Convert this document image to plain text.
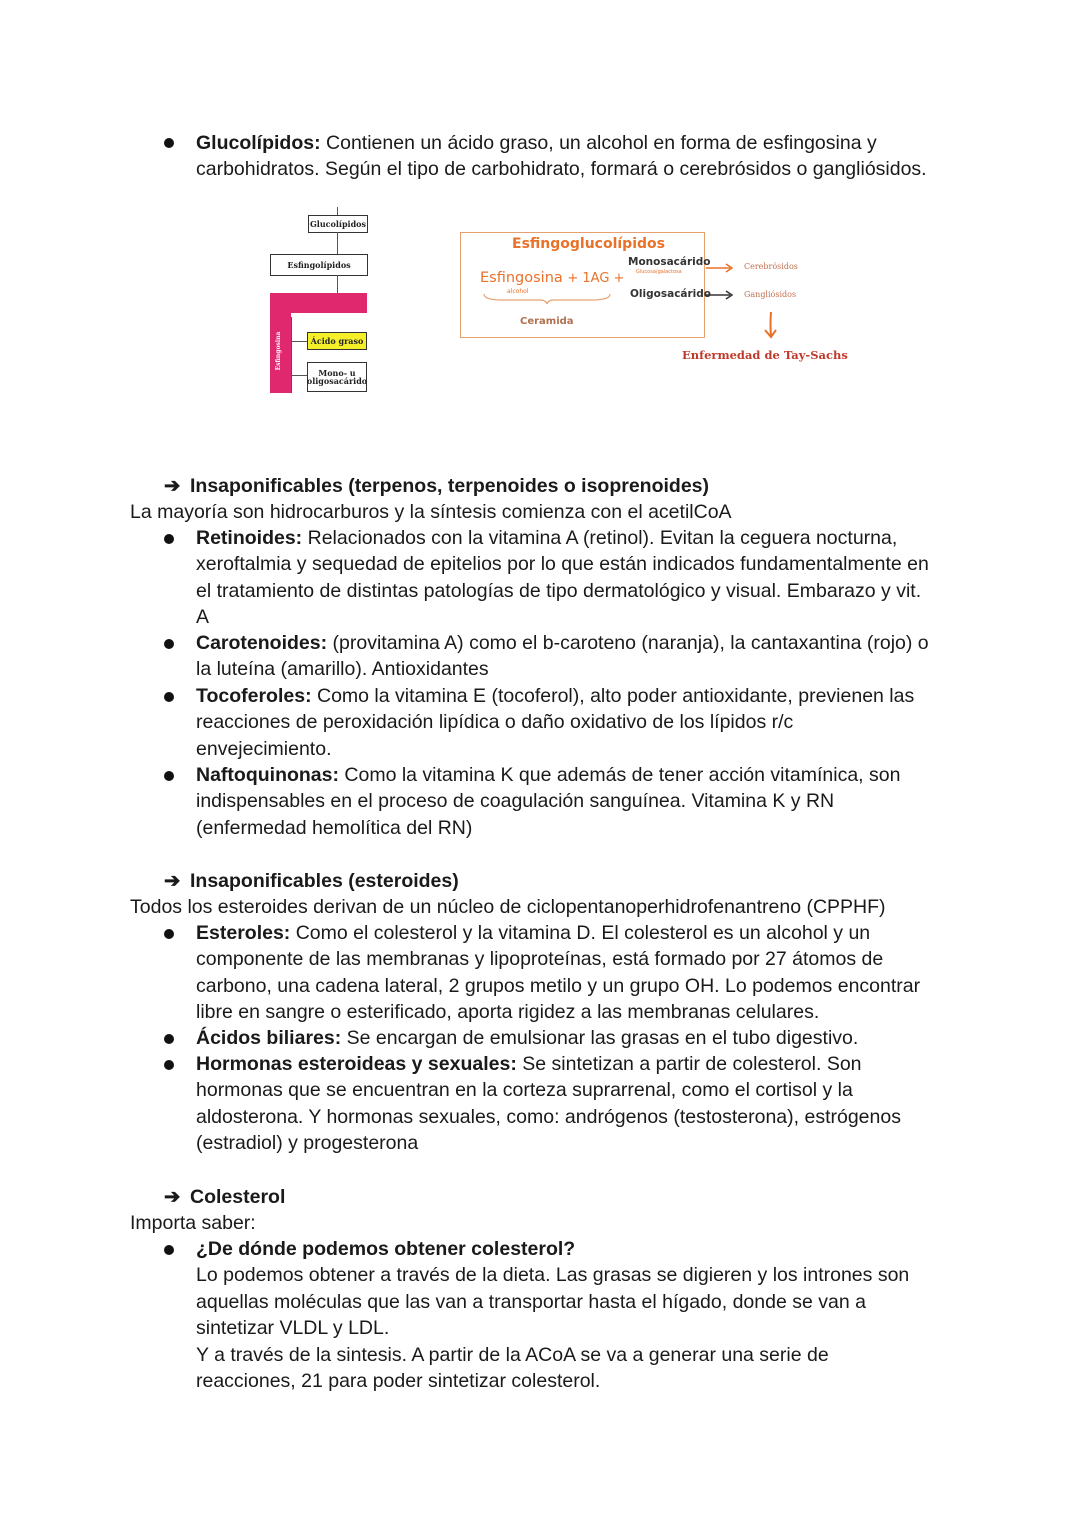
Glucolípidos: Contienen un ácido graso, un alcohol en forma de esfingosina y
carbohidratos. Según el tipo de carbohidrato, formará o cerebrósidos o gangliósidos.
Glucolípidos
Esfingolípidos
Esfingosina	Ácido graso
Mono- u
oligosacárido
Esfingoglucolípidos
Esfingosina + 1AG +
alcohol
Ceramida
Monosacárido
Glucosa/galactosa
Oligosacárido
Cerebrósidos
Gangliósidos
Enfermedad de Tay-Sachs
➔ Insaponificables (terpenos, terpenoides o isoprenoides)
La mayoría son hidrocarburos y la síntesis comienza con el acetilCoA
Retinoides: Relacionados con la vitamina A (retinol). Evitan la ceguera nocturna,
xeroftalmia y sequedad de epitelios por lo que están indicados fundamentalmente en
el tratamiento de distintas patologías de tipo dermatológico y visual. Embarazo y vit.
A
Carotenoides: (provitamina A) como el b-caroteno (naranja), la cantaxantina (rojo) o
la luteína (amarillo). Antioxidantes
Tocoferoles: Como la vitamina E (tocoferol), alto poder antioxidante, previenen las
reacciones de peroxidación lipídica o daño oxidativo de los lípidos r/c
envejecimiento.
Naftoquinonas: Como la vitamina K que además de tener acción vitamínica, son
indispensables en el proceso de coagulación sanguínea. Vitamina K y RN
(enfermedad hemolítica del RN)
➔ Insaponificables (esteroides)
Todos los esteroides derivan de un núcleo de ciclopentanoperhidrofenantreno (CPPHF)
Esteroles: Como el colesterol y la vitamina D. El colesterol es un alcohol y un
componente de las membranas y lipoproteínas, está formado por 27 átomos de
carbono, una cadena lateral, 2 grupos metilo y un grupo OH. Lo podemos encontrar
libre en sangre o esterificado, aporta rigidez a las membranas celulares.
Ácidos biliares: Se encargan de emulsionar las grasas en el tubo digestivo.
Hormonas esteroideas y sexuales: Se sintetizan a partir de colesterol. Son
hormonas que se encuentran en la corteza suprarrenal, como el cortisol y la
aldosterona. Y hormonas sexuales, como: andrógenos (testosterona), estrógenos
(estradiol) y progesterona
➔ Colesterol
Importa saber:
¿De dónde podemos obtener colesterol?
Lo podemos obtener a través de la dieta. Las grasas se digieren y los intrones son
aquellas moléculas que las van a transportar hasta el hígado, donde se van a
sintetizar VLDL y LDL.
Y a través de la sintesis. A partir de la ACoA se va a generar una serie de
reacciones, 21 para poder sintetizar colesterol.
